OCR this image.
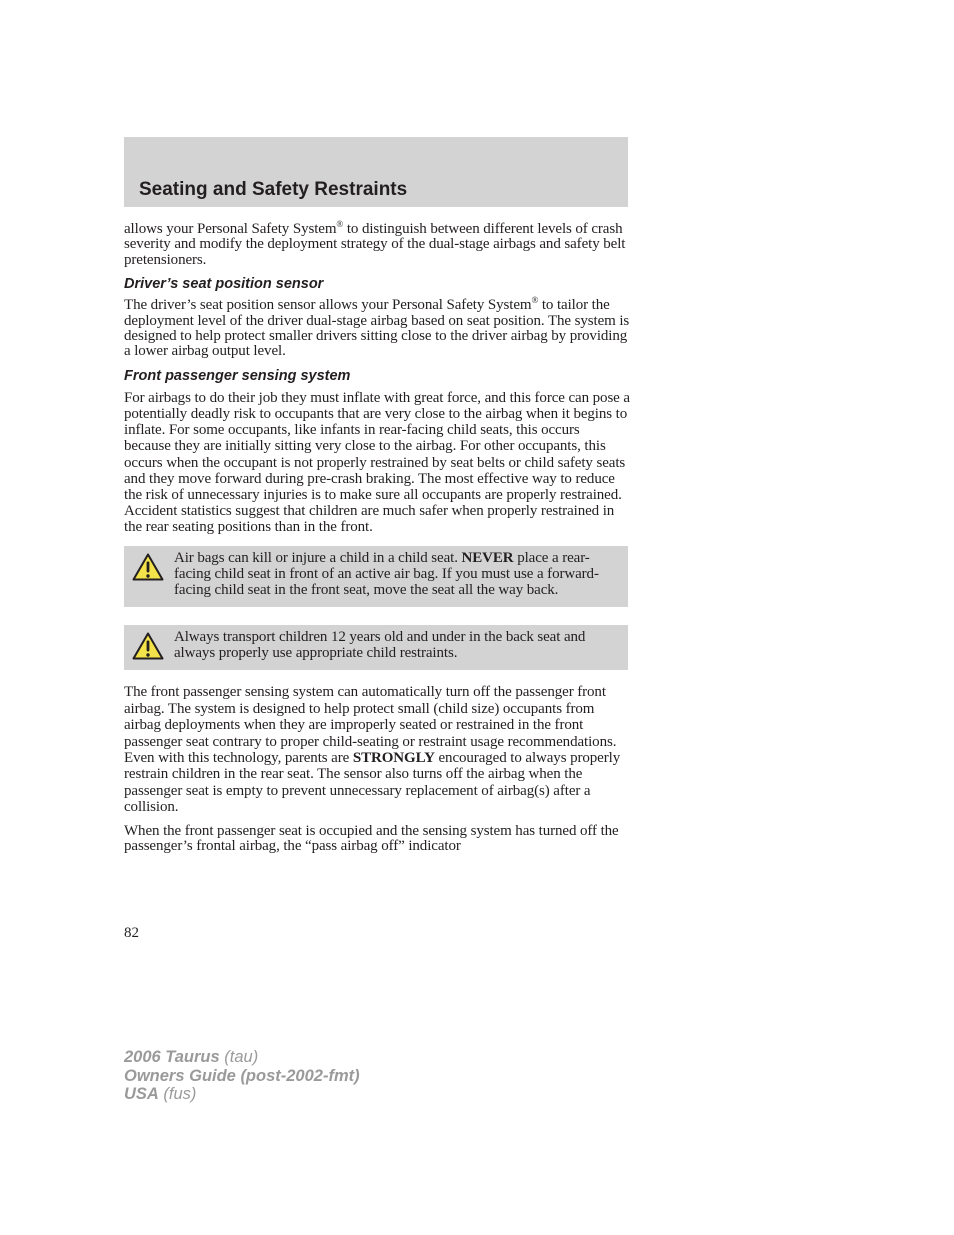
Seating and Safety Restraints

allows your Personal Safety System® to distinguish between different levels of crash severity and modify the deployment strategy of the dual-stage airbags and safety belt pretensioners.

Driver’s seat position sensor

The driver’s seat position sensor allows your Personal Safety System® to tailor the deployment level of the driver dual-stage airbag based on seat position. The system is designed to help protect smaller drivers sitting close to the driver airbag by providing a lower airbag output level.

Front passenger sensing system

For airbags to do their job they must inflate with great force, and this force can pose a potentially deadly risk to occupants that are very close to the airbag when it begins to inflate. For some occupants, like infants in rear-facing child seats, this occurs because they are initially sitting very close to the airbag. For other occupants, this occurs when the occupant is not properly restrained by seat belts or child safety seats and they move forward during pre-crash braking. The most effective way to reduce the risk of unnecessary injuries is to make sure all occupants are properly restrained. Accident statistics suggest that children are much safer when properly restrained in the rear seating positions than in the front.

Air bags can kill or injure a child in a child seat. NEVER place a rear-facing child seat in front of an active air bag. If you must use a forward-facing child seat in the front seat, move the seat all the way back.

Always transport children 12 years old and under in the back seat and always properly use appropriate child restraints.

The front passenger sensing system can automatically turn off the passenger front airbag. The system is designed to help protect small (child size) occupants from airbag deployments when they are improperly seated or restrained in the front passenger seat contrary to proper child-seating or restraint usage recommendations. Even with this technology, parents are STRONGLY encouraged to always properly restrain children in the rear seat. The sensor also turns off the airbag when the passenger seat is empty to prevent unnecessary replacement of airbag(s) after a collision.

When the front passenger seat is occupied and the sensing system has turned off the passenger’s frontal airbag, the “pass airbag off” indicator

82

2006 Taurus (tau)
Owners Guide (post-2002-fmt)
USA (fus)
